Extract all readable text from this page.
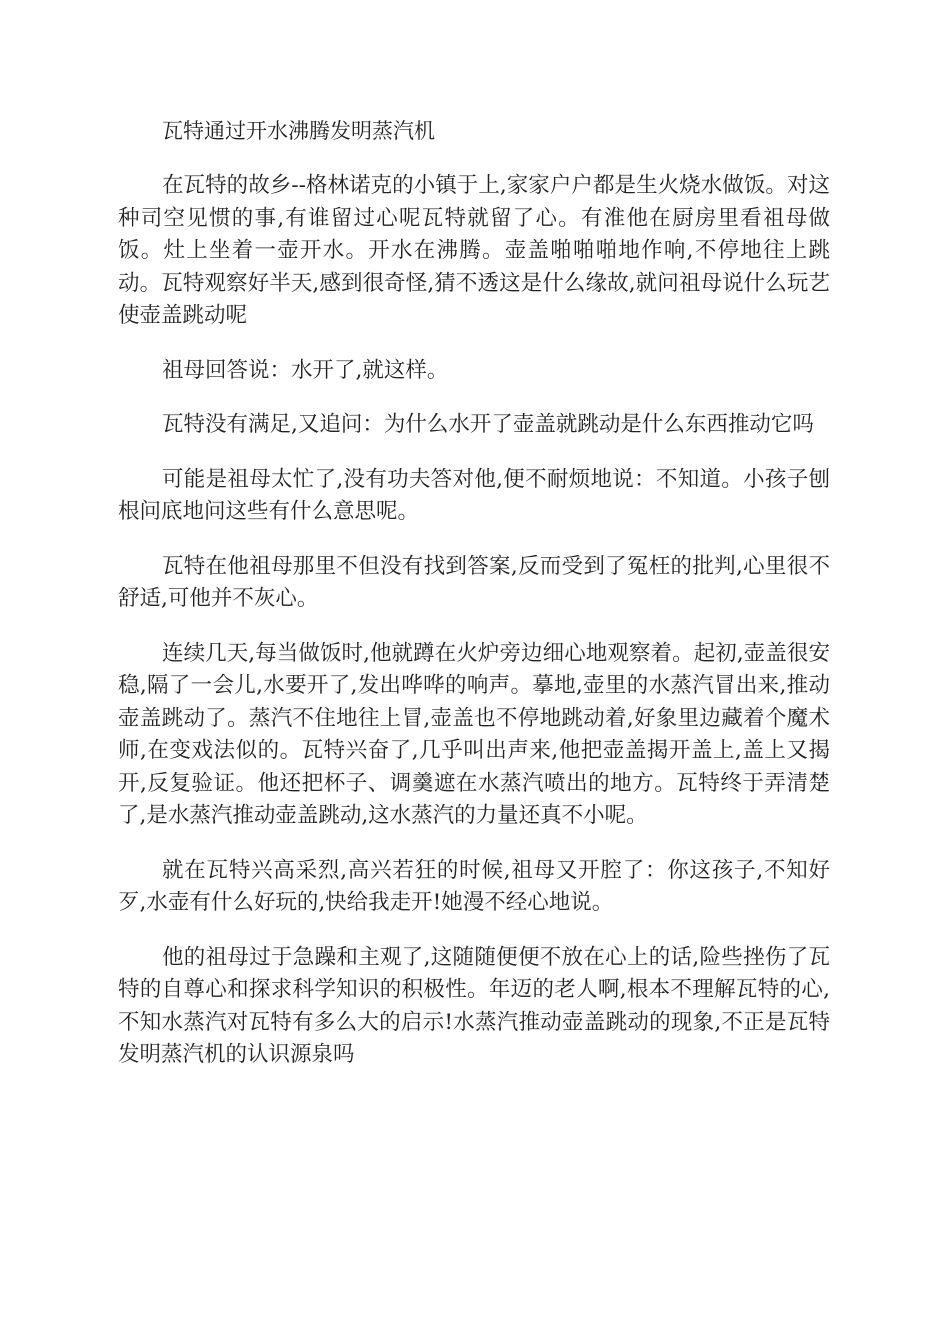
瓦特通过开水沸腾发明蒸汽机

在瓦特的故乡--格林诺克的小镇于上,家家户户都是生火烧水做饭。对这种司空见惯的事,有谁留过心呢瓦特就留了心。有淮他在厨房里看祖母做饭。灶上坐着一壶开水。开水在沸腾。壶盖啪啪啪地作响,不停地往上跳动。瓦特观察好半天,感到很奇怪,猜不透这是什么缘故,就问祖母说什么玩艺使壶盖跳动呢

祖母回答说：水开了,就这样。

瓦特没有满足,又追问：为什么水开了壶盖就跳动是什么东西推动它吗

可能是祖母太忙了,没有功夫答对他,便不耐烦地说：不知道。小孩子刨根问底地问这些有什么意思呢。

瓦特在他祖母那里不但没有找到答案,反而受到了冤枉的批判,心里很不舒适,可他并不灰心。

连续几天,每当做饭时,他就蹲在火炉旁边细心地观察着。起初,壶盖很安稳,隔了一会儿,水要开了,发出哗哗的响声。摹地,壶里的水蒸汽冒出来,推动壶盖跳动了。蒸汽不住地往上冒,壶盖也不停地跳动着,好象里边藏着个魔术师,在变戏法似的。瓦特兴奋了,几乎叫出声来,他把壶盖揭开盖上,盖上又揭开,反复验证。他还把杯子、调羹遮在水蒸汽喷出的地方。瓦特终于弄清楚了,是水蒸汽推动壶盖跳动,这水蒸汽的力量还真不小呢。

就在瓦特兴高采烈,高兴若狂的时候,祖母又开腔了：你这孩子,不知好歹,水壶有什么好玩的,快给我走开!她漫不经心地说。

他的祖母过于急躁和主观了,这随随便便不放在心上的话,险些挫伤了瓦特的自尊心和探求科学知识的积极性。年迈的老人啊,根本不理解瓦特的心,不知水蒸汽对瓦特有多么大的启示!水蒸汽推动壶盖跳动的现象,不正是瓦特发明蒸汽机的认识源泉吗
